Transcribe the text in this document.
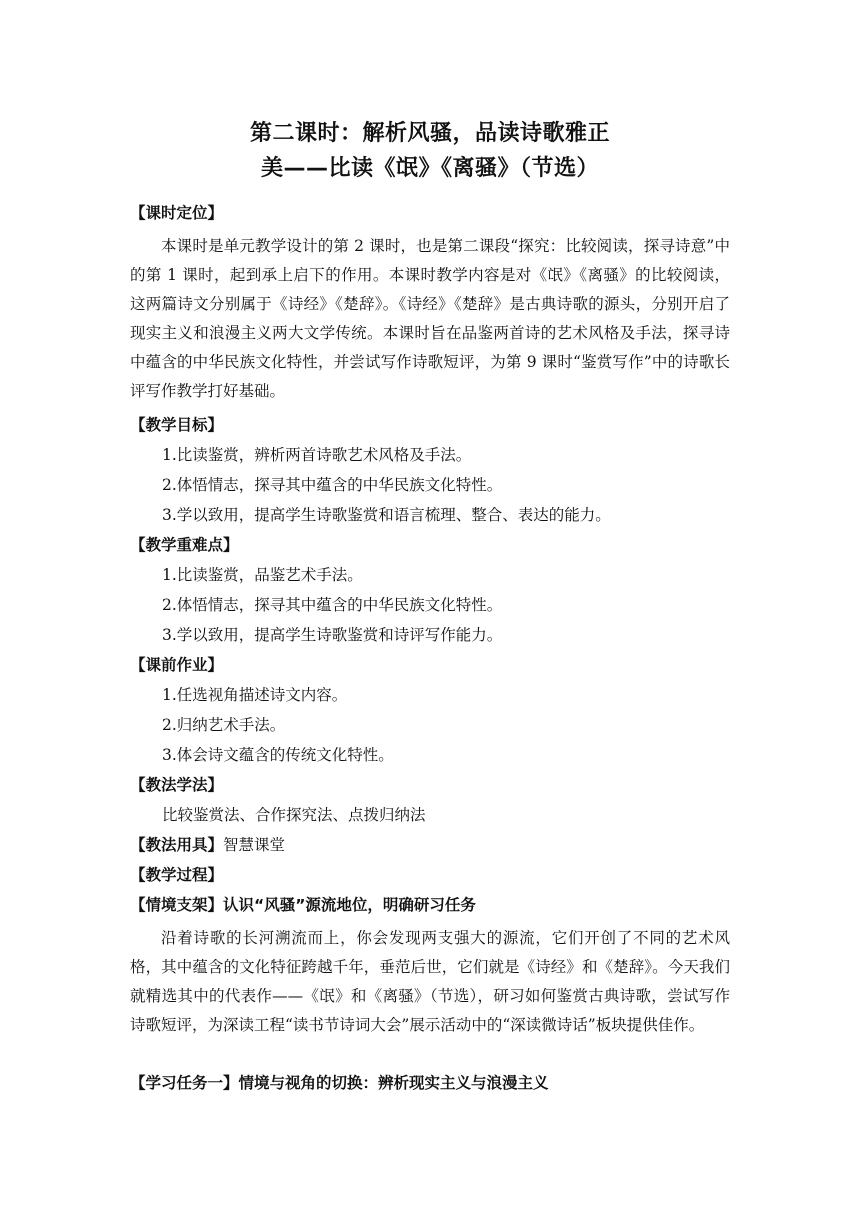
第二课时：解析风骚，品读诗歌雅正
美——比读《氓》《离骚》（节选）

【课时定位】

本课时是单元教学设计的第 2 课时，也是第二课段“探究：比较阅读，探寻诗意”中的第 1 课时，起到承上启下的作用。本课时教学内容是对《氓》《离骚》的比较阅读，这两篇诗文分别属于《诗经》《楚辞》。《诗经》《楚辞》是古典诗歌的源头，分别开启了现实主义和浪漫主义两大文学传统。本课时旨在品鉴两首诗的艺术风格及手法，探寻诗中蕴含的中华民族文化特性，并尝试写作诗歌短评，为第 9 课时“鉴赏写作”中的诗歌长评写作教学打好基础。

【教学目标】

1.比读鉴赏，辨析两首诗歌艺术风格及手法。

2.体悟情志，探寻其中蕴含的中华民族文化特性。

3.学以致用，提高学生诗歌鉴赏和语言梳理、整合、表达的能力。

【教学重难点】

1.比读鉴赏，品鉴艺术手法。

2.体悟情志，探寻其中蕴含的中华民族文化特性。

3.学以致用，提高学生诗歌鉴赏和诗评写作能力。

【课前作业】

1.任选视角描述诗文内容。

2.归纳艺术手法。

3.体会诗文蕴含的传统文化特性。

【教法学法】

比较鉴赏法、合作探究法、点拨归纳法

【教法用具】智慧课堂

【教学过程】

【情境支架】认识“风骚”源流地位，明确研习任务

沿着诗歌的长河溯流而上，你会发现两支强大的源流，它们开创了不同的艺术风格，其中蕴含的文化特征跨越千年，垂范后世，它们就是《诗经》和《楚辞》。今天我们就精选其中的代表作——《氓》和《离骚》（节选），研习如何鉴赏古典诗歌，尝试写作诗歌短评，为深读工程“读书节诗词大会”展示活动中的“深读微诗话”板块提供佳作。

【学习任务一】情境与视角的切换：辨析现实主义与浪漫主义
